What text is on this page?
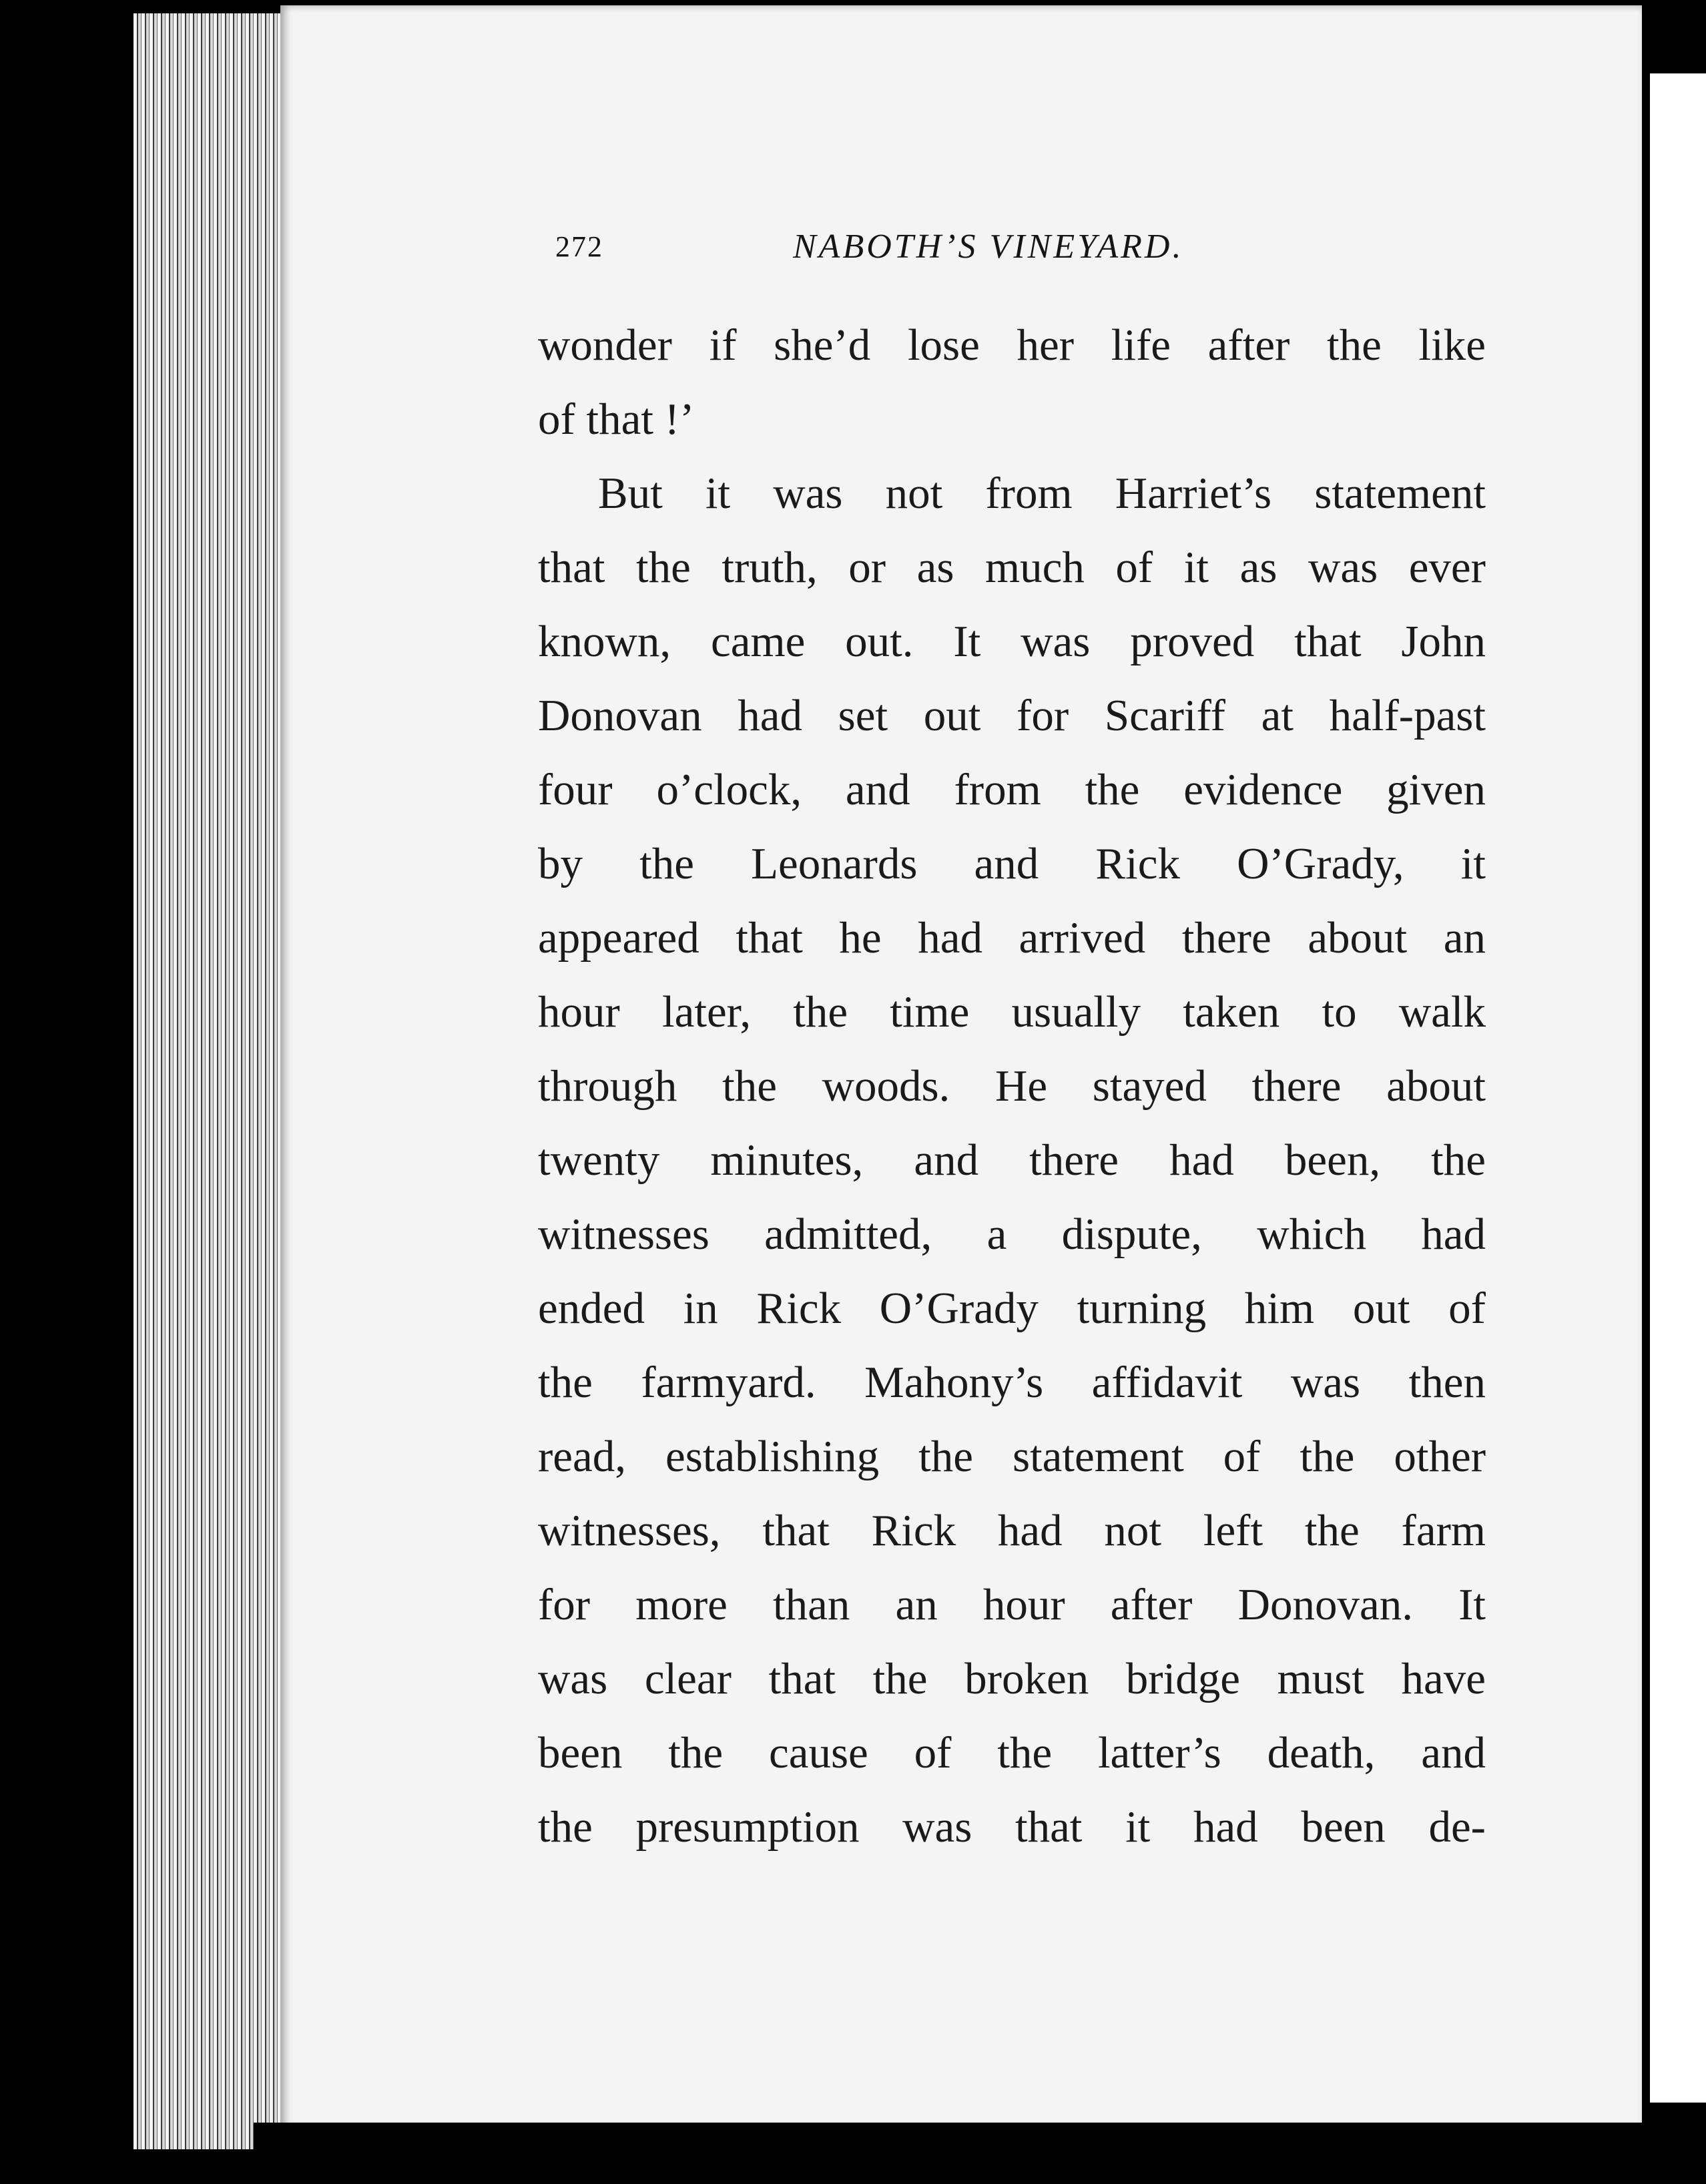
272	NABOTH’S VINEYARD.
wonder if she’d lose her life after the like
of that !’
But it was not from Harriet’s statement
that the truth, or as much of it as was ever
known, came out. It was proved that John
Donovan had set out for Scariff at half-past
four o’clock, and from the evidence given
by the Leonards and Rick O’Grady, it
appeared that he had arrived there about an
hour later, the time usually taken to walk
through the woods. He stayed there about
twenty minutes, and there had been, the
witnesses admitted, a dispute, which had
ended in Rick O’Grady turning him out of
the farmyard. Mahony’s affidavit was then
read, establishing the statement of the other
witnesses, that Rick had not left the farm
for more than an hour after Donovan. It
was clear that the broken bridge must have
been the cause of the latter’s death, and
the presumption was that it had been de-
